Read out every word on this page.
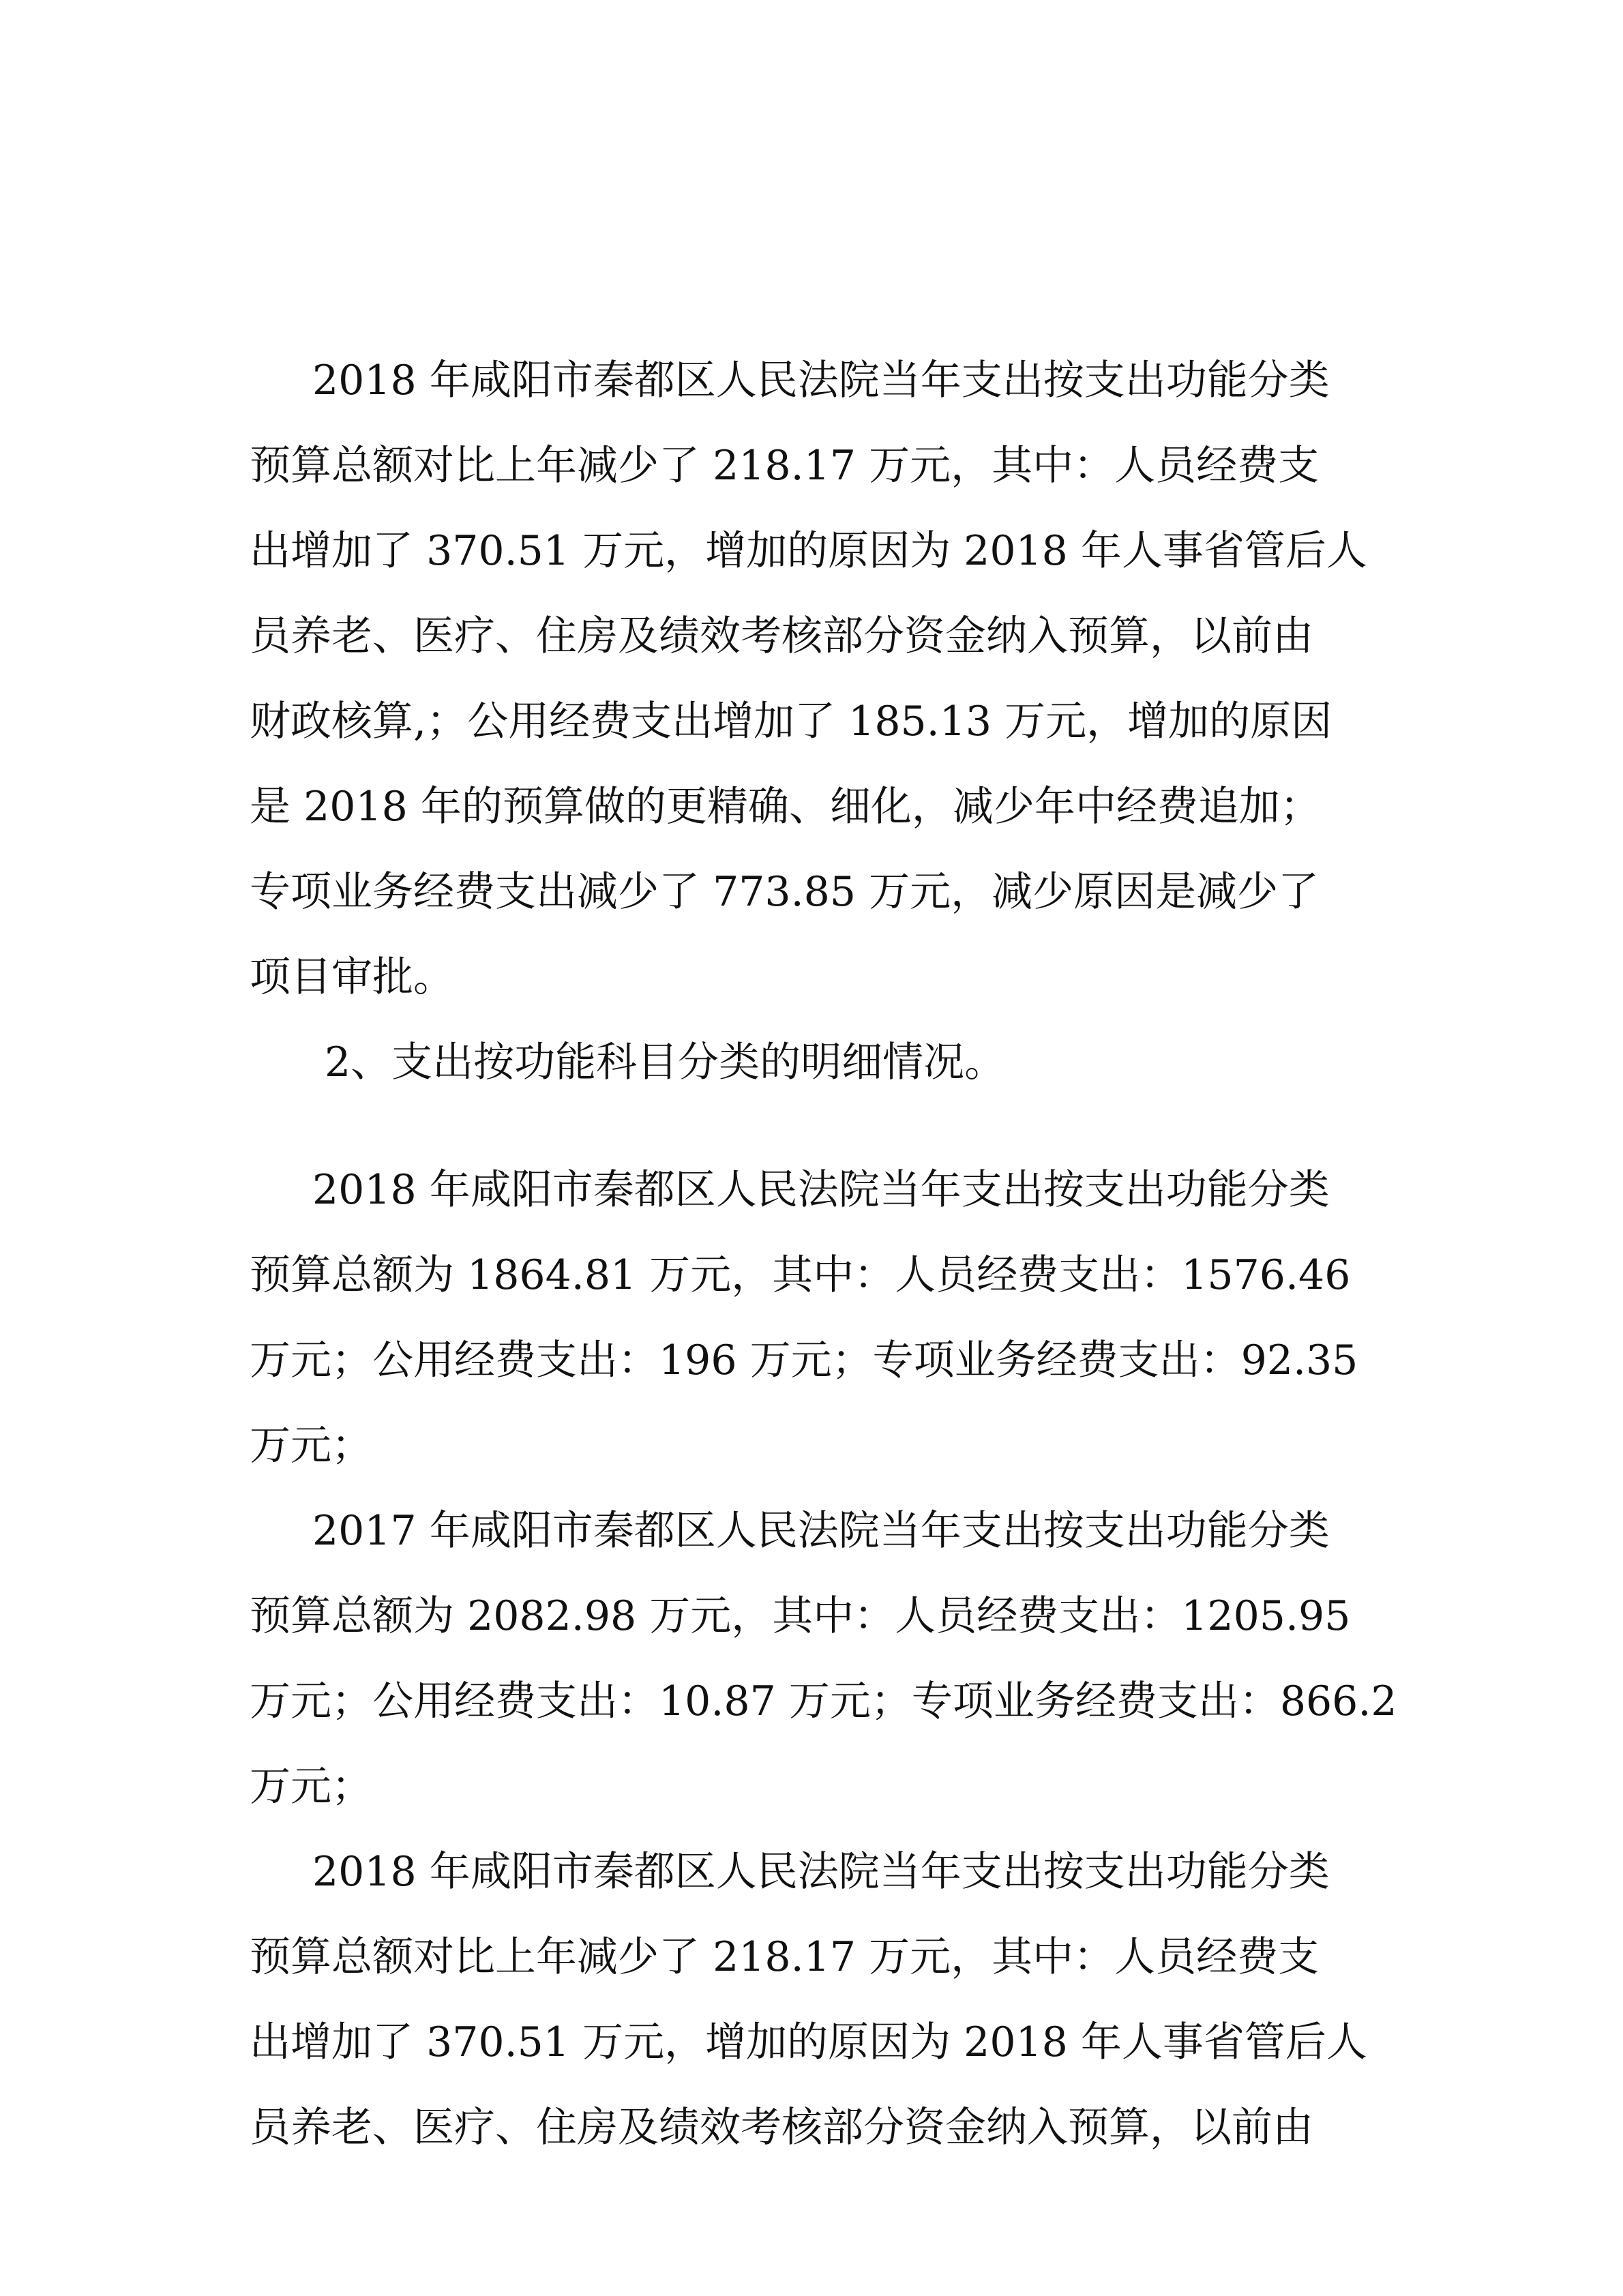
2018 年咸阳市秦都区人民法院当年支出按支出功能分类
预算总额对比上年减少了 218.17 万元，其中：人员经费支
出增加了 370.51 万元，增加的原因为 2018 年人事省管后人
员养老、医疗、住房及绩效考核部分资金纳入预算，以前由
财政核算,；公用经费支出增加了 185.13 万元，增加的原因
是 2018 年的预算做的更精确、细化，减少年中经费追加；
专项业务经费支出减少了 773.85 万元，减少原因是减少了
项目审批。
2、支出按功能科目分类的明细情况。
2018 年咸阳市秦都区人民法院当年支出按支出功能分类
预算总额为 1864.81 万元，其中：人员经费支出：1576.46
万元；公用经费支出：196 万元；专项业务经费支出：92.35
万元；
2017 年咸阳市秦都区人民法院当年支出按支出功能分类
预算总额为 2082.98 万元，其中：人员经费支出：1205.95
万元；公用经费支出：10.87 万元；专项业务经费支出：866.2
万元；
2018 年咸阳市秦都区人民法院当年支出按支出功能分类
预算总额对比上年减少了 218.17 万元，其中：人员经费支
出增加了 370.51 万元，增加的原因为 2018 年人事省管后人
员养老、医疗、住房及绩效考核部分资金纳入预算，以前由
